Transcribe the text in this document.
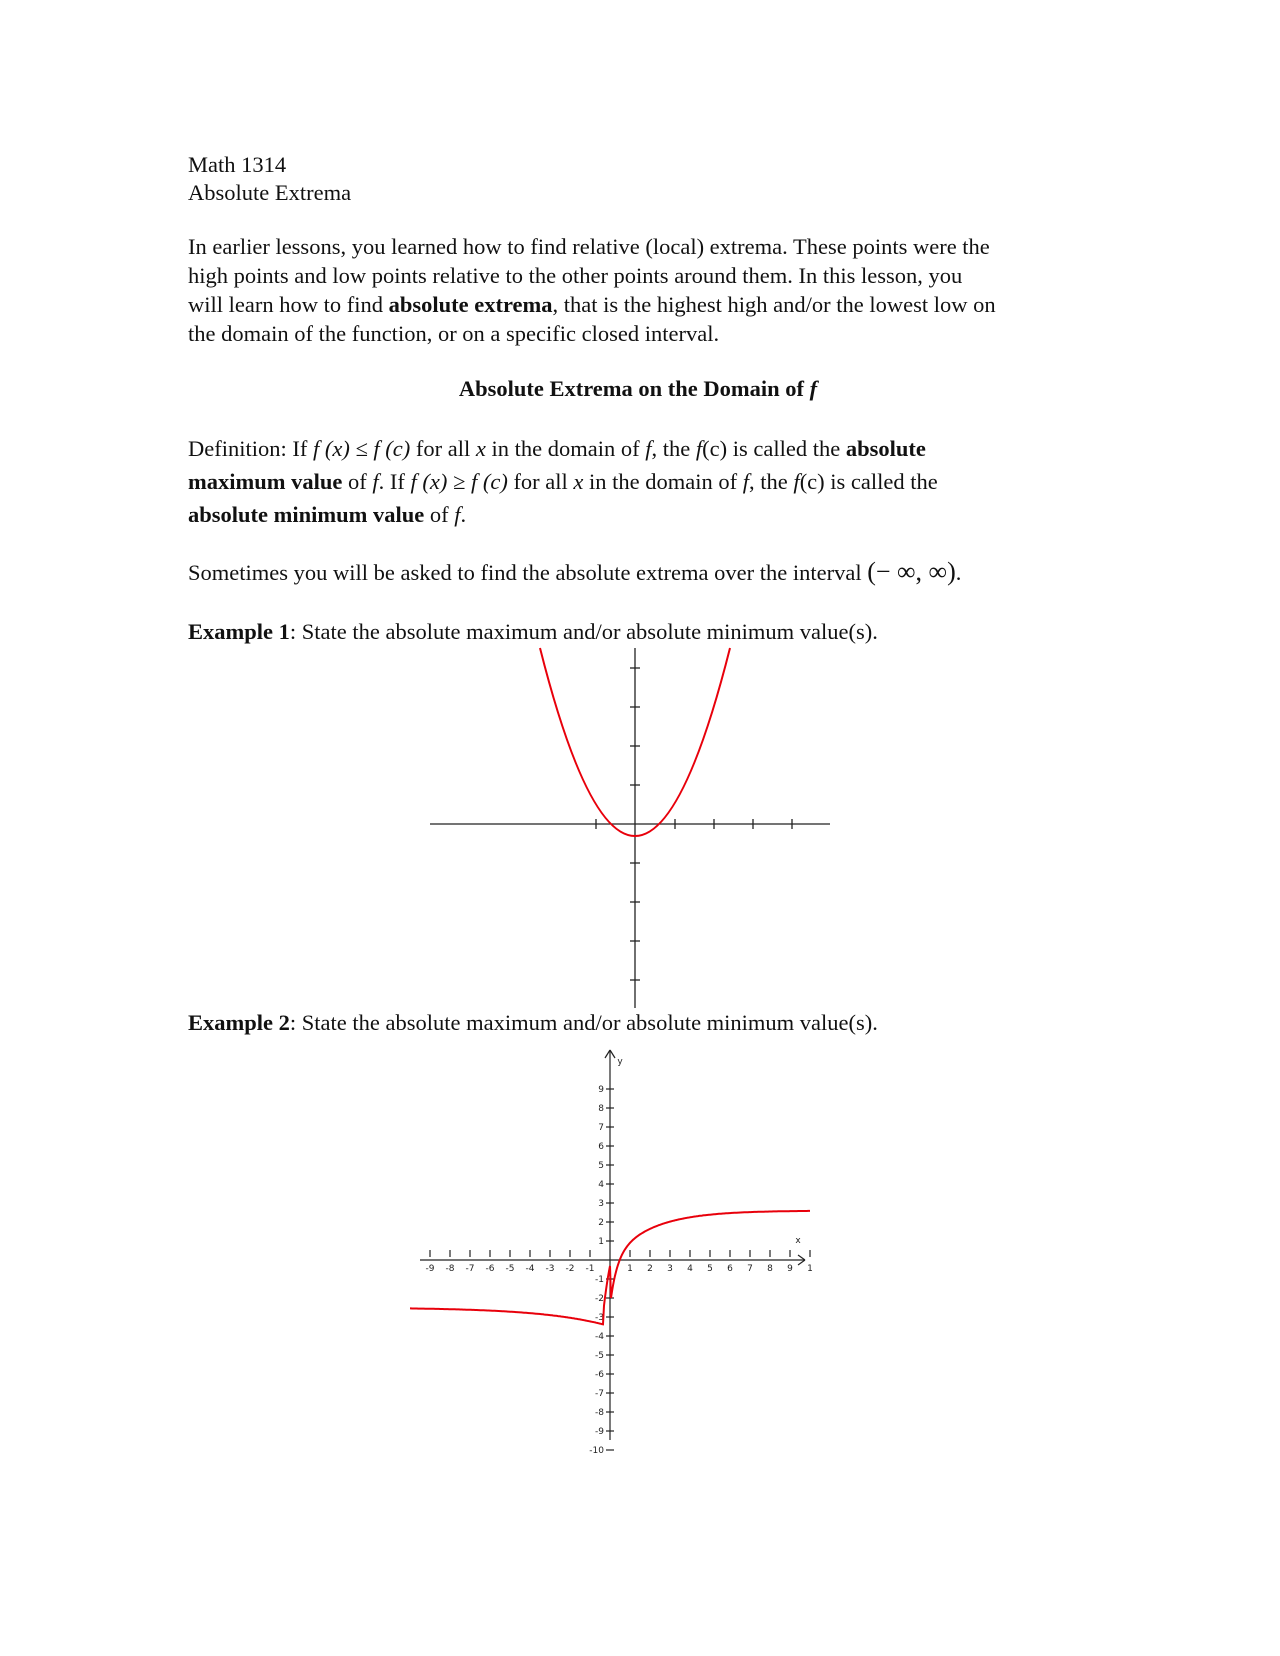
Math 1314
Absolute Extrema
In earlier lessons, you learned how to find relative (local) extrema. These points were the
high points and low points relative to the other points around them. In this lesson, you
will learn how to find absolute extrema, that is the highest high and/or the lowest low on
the domain of the function, or on a specific closed interval.
Absolute Extrema on the Domain of f
Definition: If f (x) ≤ f (c) for all x in the domain of f, the f(c) is called the absolute
maximum value of f. If f (x) ≥ f (c) for all x in the domain of f, the f(c) is called the
absolute minimum value of f.
Sometimes you will be asked to find the absolute extrema over the interval (− ∞, ∞).
Example 1: State the absolute maximum and/or absolute minimum value(s).
Example 2: State the absolute maximum and/or absolute minimum value(s).
-9 -8 -7 -6 -5 -4 -3 -2 -1	1 2 3 4 5 6 7 8 9 1
9
8
7
6
5
4
3
2
1
-1
-2
-3
-4
-5
-6
-7
-8
-9
-10
x
y
